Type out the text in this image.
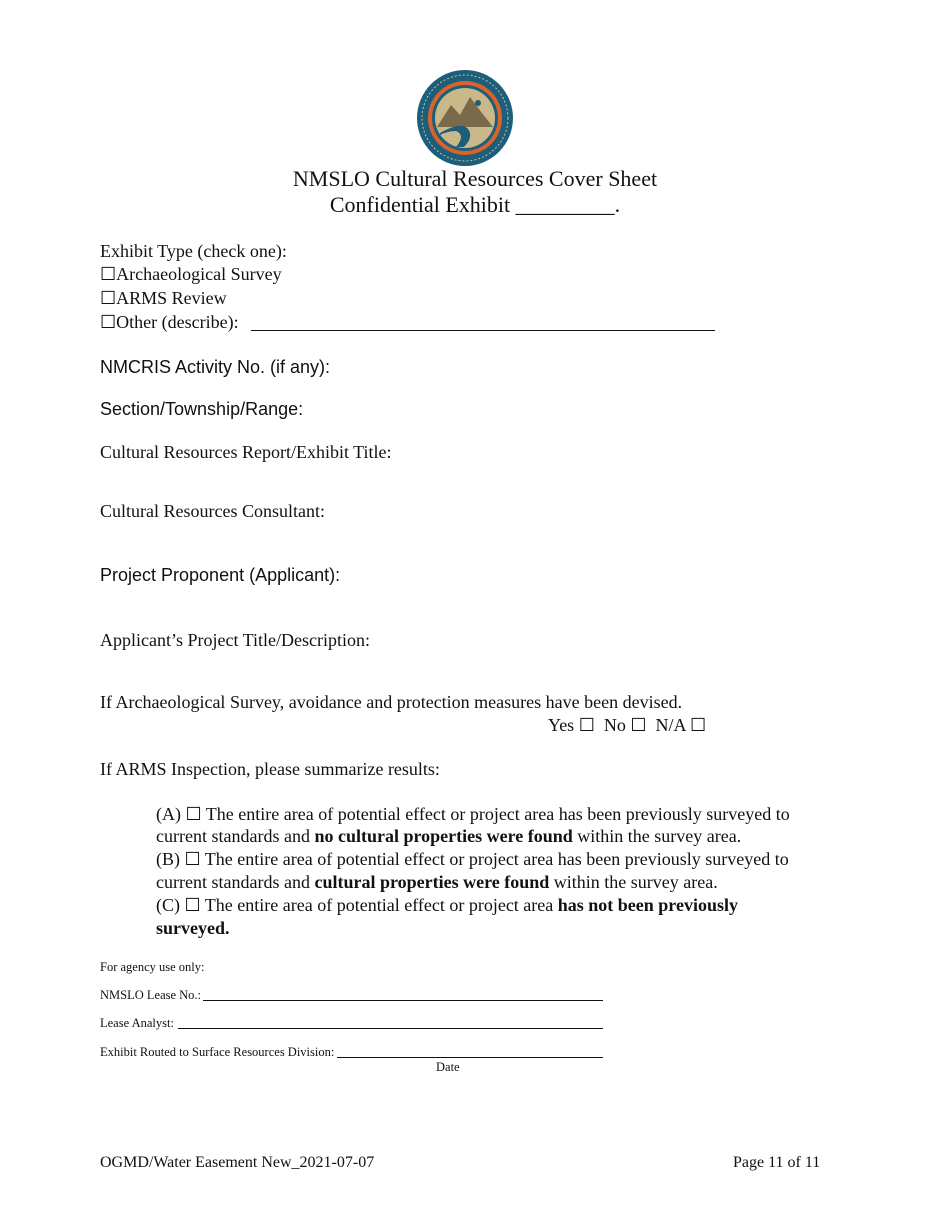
NMSLO Cultural Resources Cover Sheet
Confidential Exhibit _________.
Exhibit Type (check one):
☐Archaeological Survey
☐ARMS Review
☐Other (describe):
NMCRIS Activity No. (if any):
Section/Township/Range:
Cultural Resources Report/Exhibit Title:
Cultural Resources Consultant:
Project Proponent (Applicant):
Applicant’s Project Title/Description:
If Archaeological Survey, avoidance and protection measures have been devised.
Yes ☐ No ☐ N/A ☐
If ARMS Inspection, please summarize results:
(A) ☐ The entire area of potential effect or project area has been previously surveyed to
current standards and no cultural properties were found within the survey area.
(B) ☐ The entire area of potential effect or project area has been previously surveyed to
current standards and cultural properties were found within the survey area.
(C) ☐ The entire area of potential effect or project area has not been previously
surveyed.
For agency use only:
NMSLO Lease No.:
Lease Analyst:
Exhibit Routed to Surface Resources Division:
Date
OGMD/Water Easement New_2021-07-07	Page 11 of 11
